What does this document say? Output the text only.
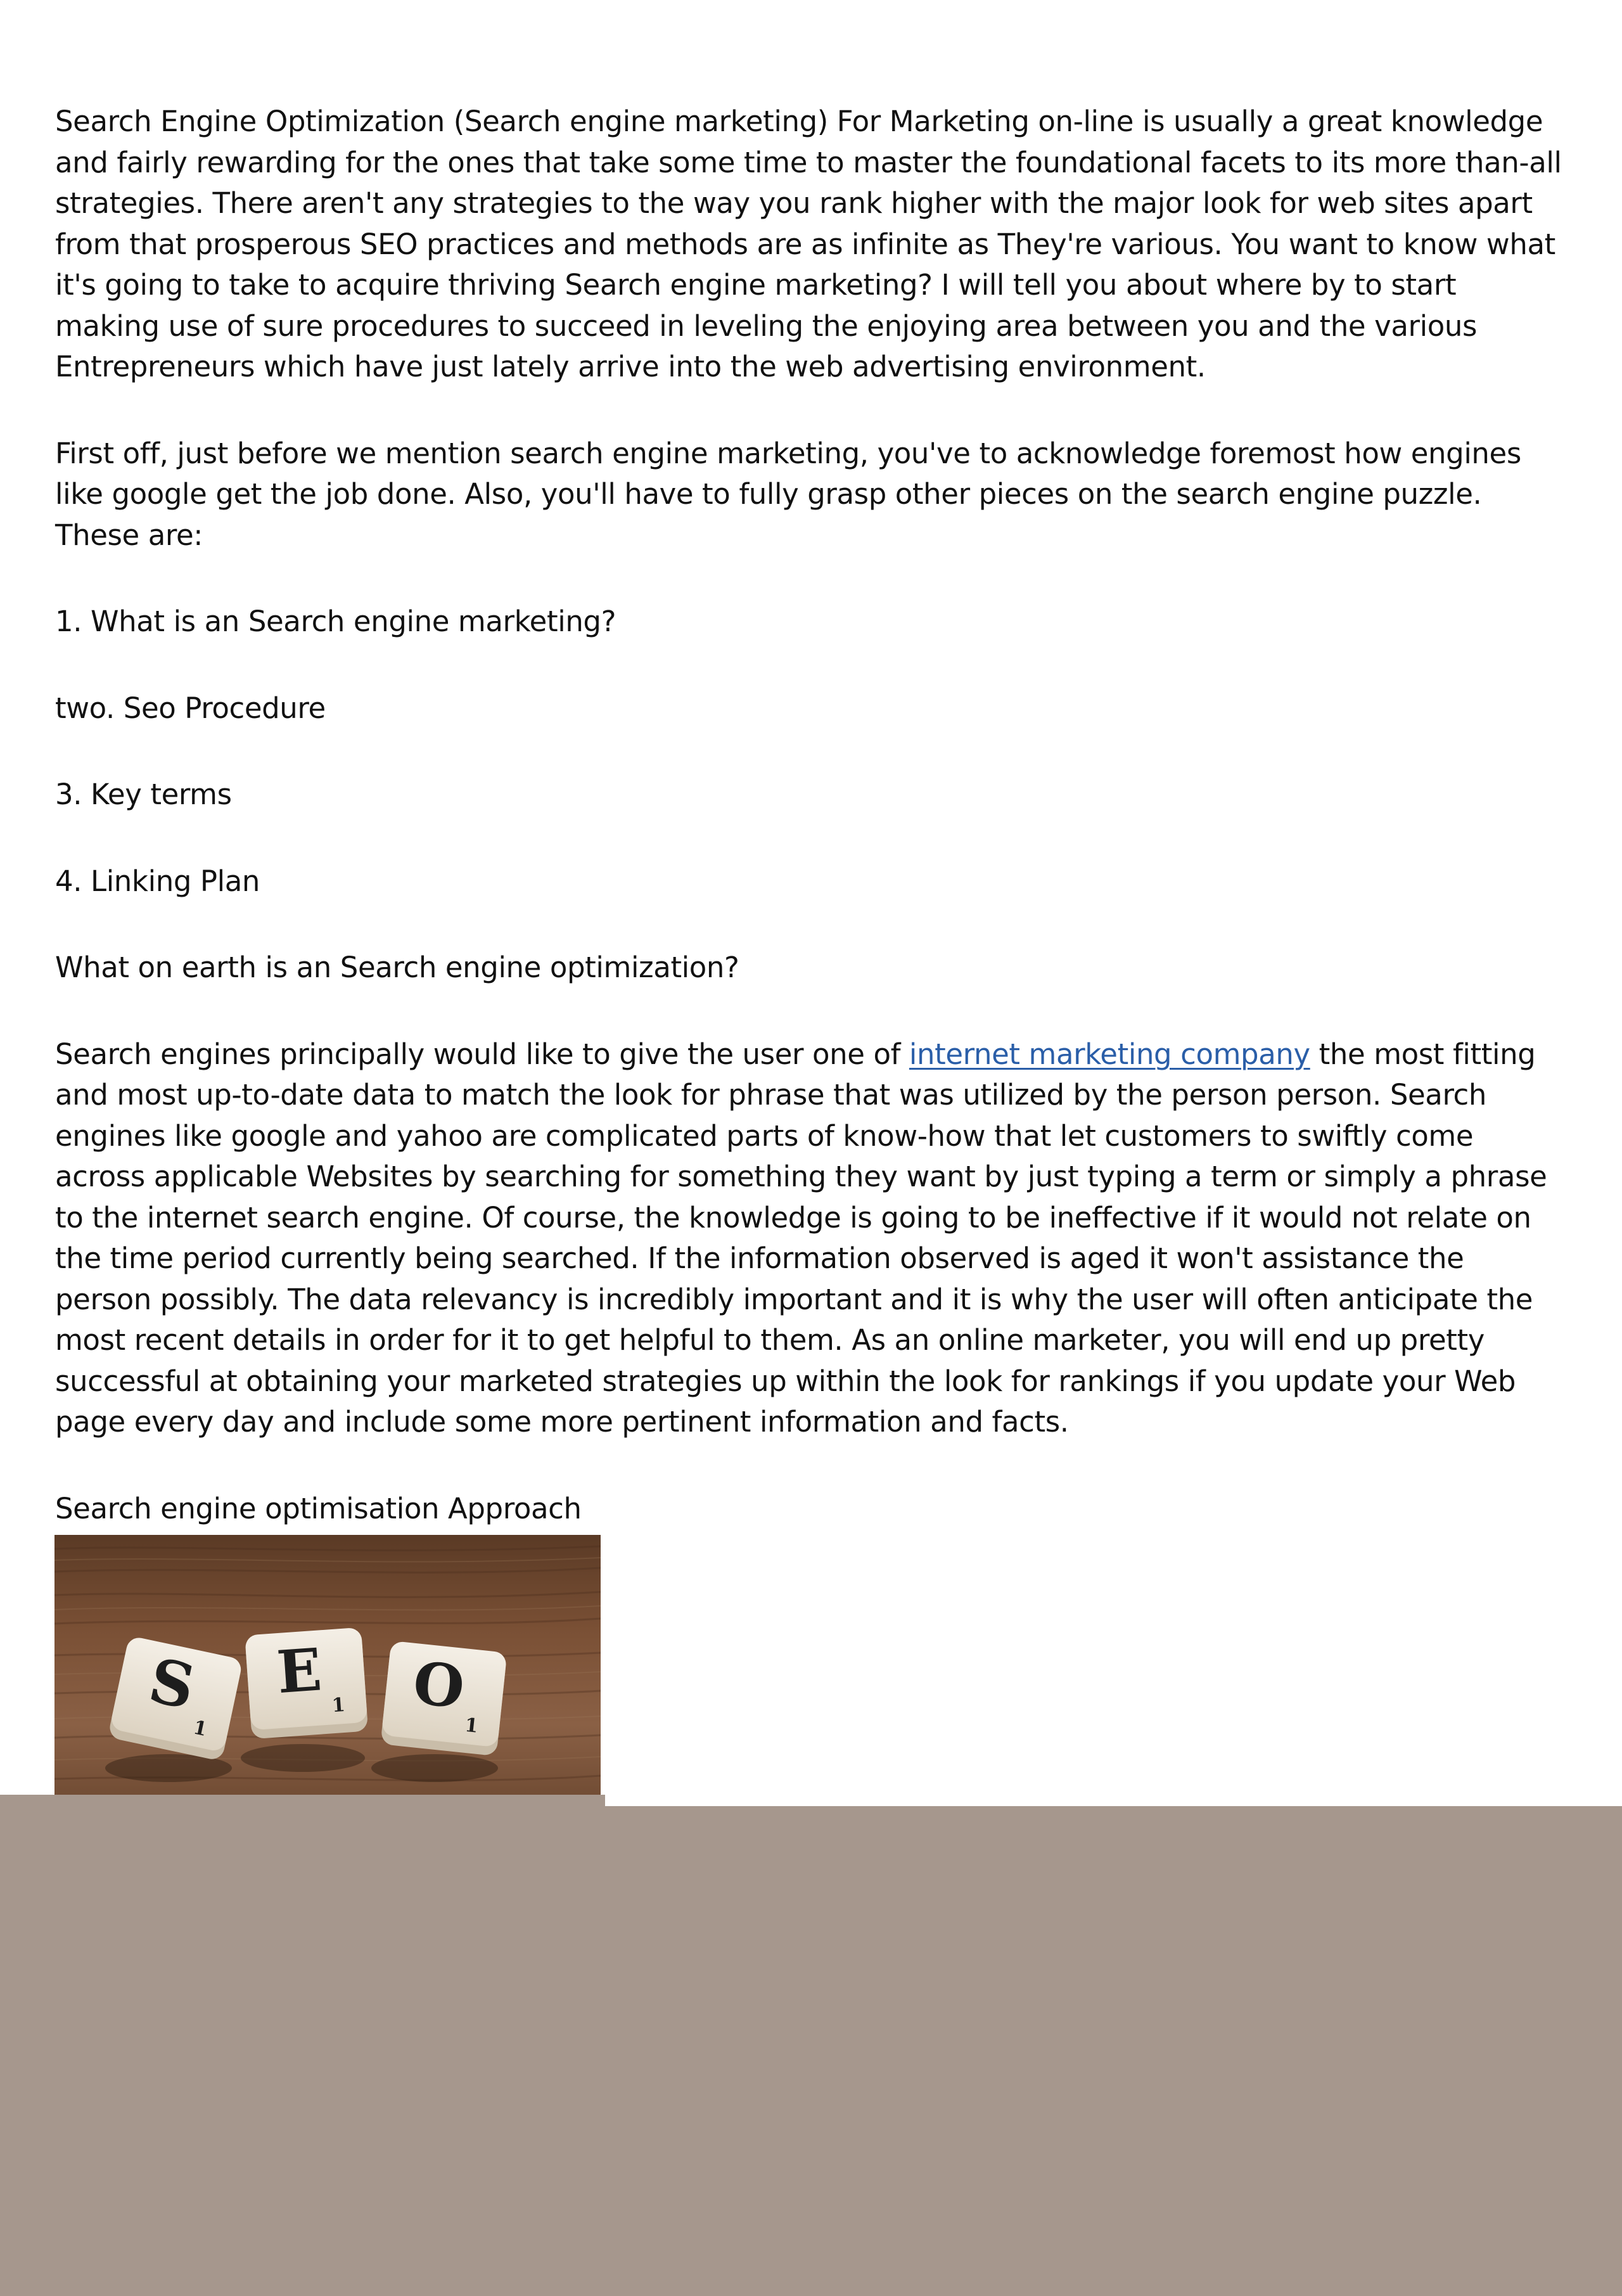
Search Engine Optimization (Search engine marketing) For Marketing on-line is usually a great knowledge and fairly rewarding for the ones that take some time to master the foundational facets to its more than-all strategies. There aren't any strategies to the way you rank higher with the major look for web sites apart from that prosperous SEO practices and methods are as infinite as They're various. You want to know what it's going to take to acquire thriving Search engine marketing? I will tell you about where by to start making use of sure procedures to succeed in leveling the enjoying area between you and the various Entrepreneurs which have just lately arrive into the web advertising environment.

First off, just before we mention search engine marketing, you've to acknowledge foremost how engines like google get the job done. Also, you'll have to fully grasp other pieces on the search engine puzzle. These are:

1. What is an Search engine marketing?

two. Seo Procedure

3. Key terms

4. Linking Plan

What on earth is an Search engine optimization?

Search engines principally would like to give the user one of internet marketing company the most fitting and most up-to-date data to match the look for phrase that was utilized by the person person. Search engines like google and yahoo are complicated parts of know-how that let customers to swiftly come across applicable Websites by searching for something they want by just typing a term or simply a phrase to the internet search engine. Of course, the knowledge is going to be ineffective if it would not relate on the time period currently being searched. If the information observed is aged it won't assistance the person possibly. The data relevancy is incredibly important and it is why the user will often anticipate the most recent details in order for it to get helpful to them. As an online marketer, you will end up pretty successful at obtaining your marketed strategies up within the look for rankings if you update your Web page every day and include some more pertinent information and facts.

Search engine optimisation Approach

S
1
E 1 O
1
